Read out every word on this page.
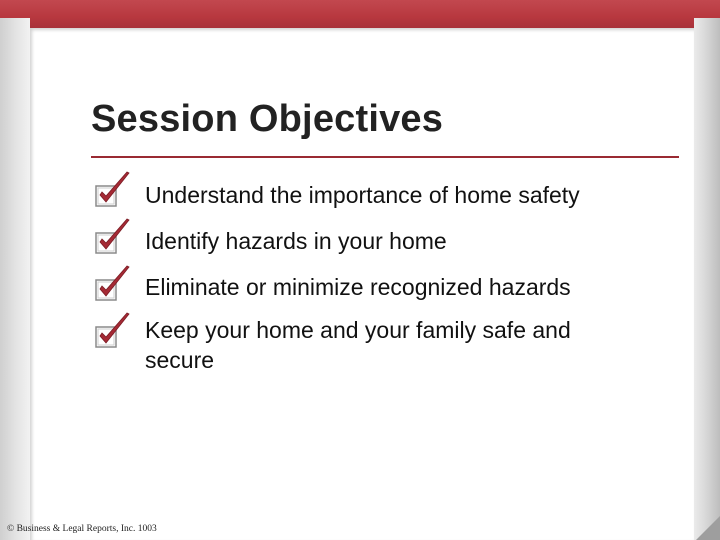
Session Objectives
Understand the importance of home safety
Identify hazards in your home
Eliminate or minimize recognized hazards
Keep your home and your family safe and secure
© Business & Legal Reports, Inc. 1003
